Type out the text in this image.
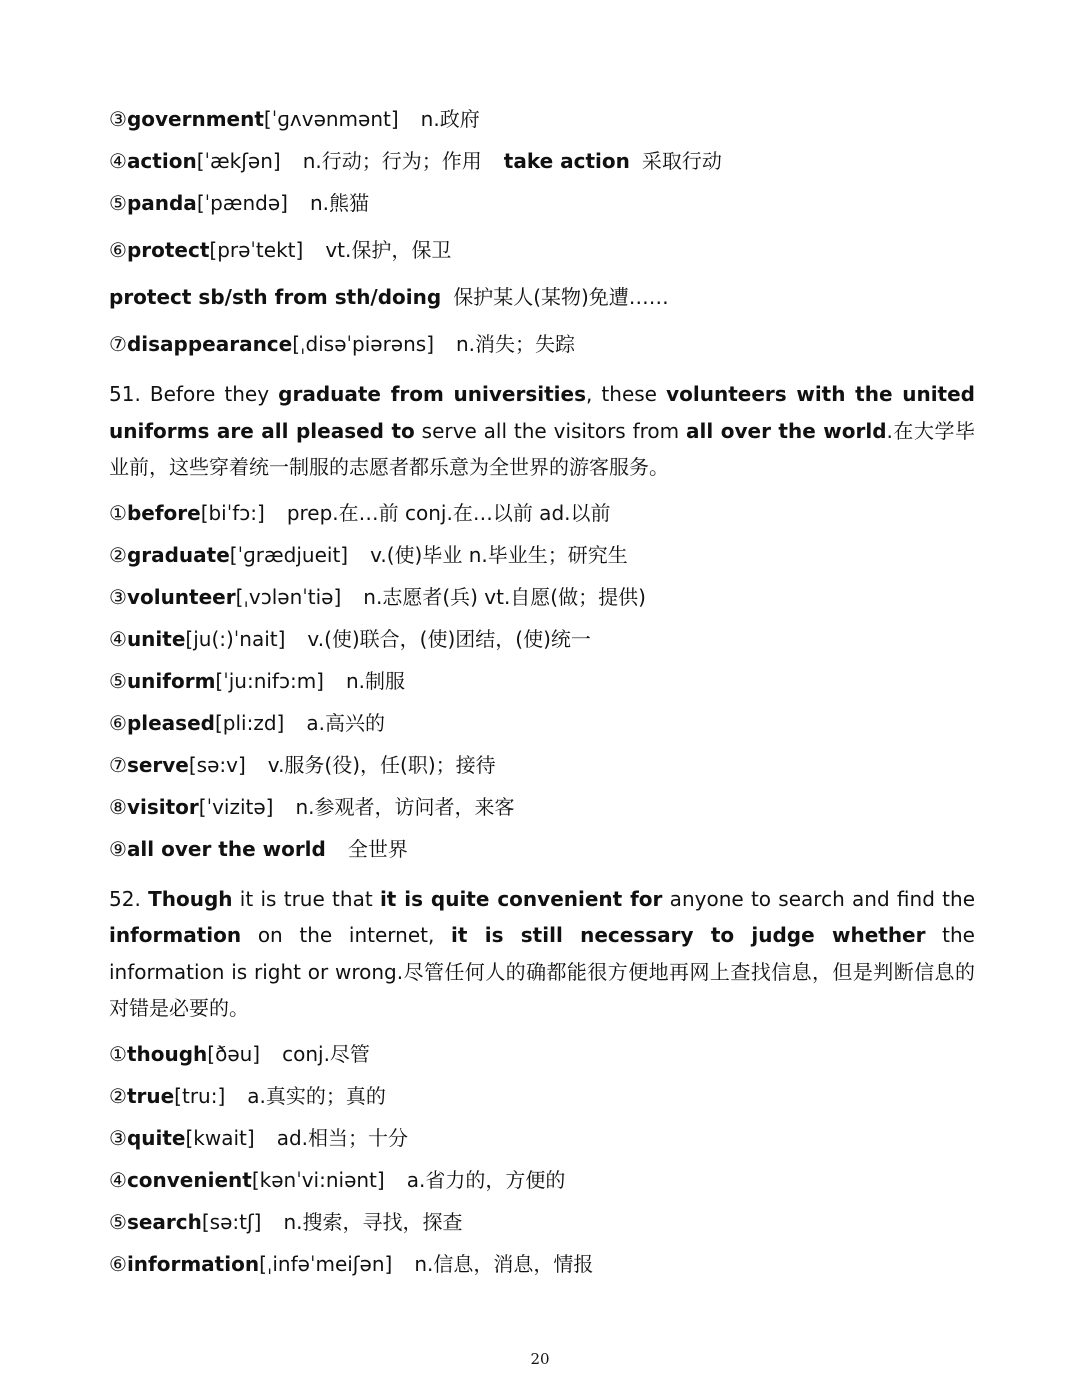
③government[ˈɡʌvənmənt] n.政府
④action[ˈækʃən] n.行动；行为；作用 take action 采取行动
⑤panda[ˈpændə] n.熊猫
⑥protect[prəˈtekt] vt.保护，保卫
protect sb/sth from sth/doing 保护某人(某物)免遭……
⑦disappearance[ˌdisəˈpiərəns] n.消失；失踪
51. Before they graduate from universities, these volunteers with the united uniforms are all pleased to serve all the visitors from all over the world.在大学毕业前，这些穿着统一制服的志愿者都乐意为全世界的游客服务。
①before[biˈfɔ:] prep.在…前 conj.在…以前 ad.以前
②graduate[ˈɡrædjueit] v.(使)毕业 n.毕业生；研究生
③volunteer[ˌvɔlənˈtiə] n.志愿者(兵) vt.自愿(做；提供)
④unite[ju(:)ˈnait] v.(使)联合，(使)团结，(使)统一
⑤uniform[ˈju:nifɔ:m] n.制服
⑥pleased[pli:zd] a.高兴的
⑦serve[sə:v] v.服务(役)，任(职)；接待
⑧visitor[ˈvizitə] n.参观者，访问者，来客
⑨all over the world 全世界
52. Though it is true that it is quite convenient for anyone to search and find the information on the internet, it is still necessary to judge whether the information is right or wrong.尽管任何人的确都能很方便地再网上查找信息，但是判断信息的对错是必要的。
①though[ðəu] conj.尽管
②true[tru:] a.真实的；真的
③quite[kwait] ad.相当；十分
④convenient[kənˈvi:niənt] a.省力的，方便的
⑤search[sə:tʃ] n.搜索，寻找，探查
⑥information[ˌinfəˈmeiʃən] n.信息，消息，情报
20
